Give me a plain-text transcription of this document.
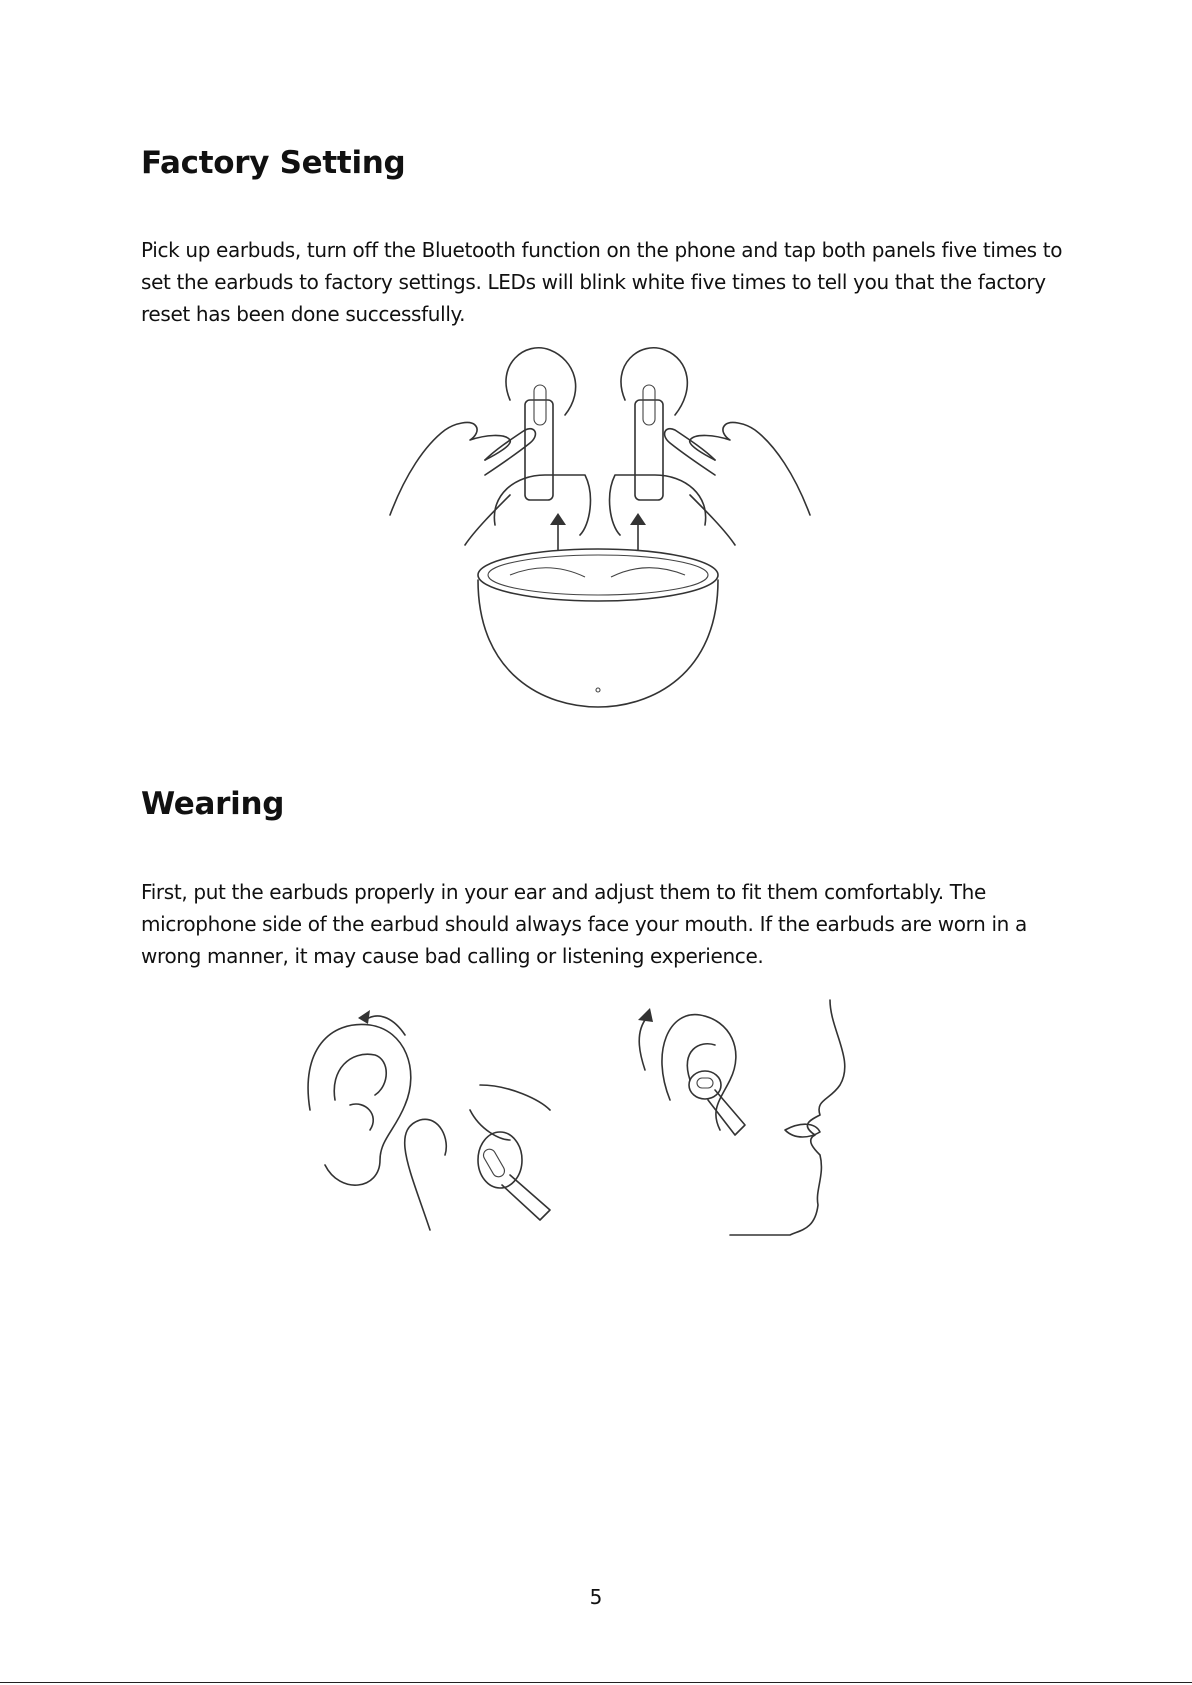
Factory Setting

Pick up earbuds, turn off the Bluetooth function on the phone and tap both panels five times to set the earbuds to factory settings. LEDs will blink white five times to tell you that the factory reset has been done successfully.

Wearing

First, put the earbuds properly in your ear and adjust them to fit them comfortably. The microphone side of the earbud should always face your mouth. If the earbuds are worn in a wrong manner, it may cause bad calling or listening experience.

5
